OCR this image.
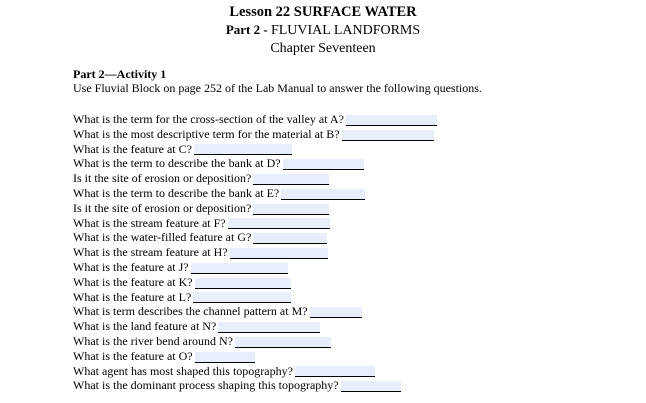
Lesson 22 SURFACE WATER
Part 2 - FLUVIAL LANDFORMS
Chapter Seventeen
Part 2—Activity 1
Use Fluvial Block on page 252 of the Lab Manual to answer the following questions.
What is the term for the cross-section of the valley at A?
What is the most descriptive term for the material at B?
What is the feature at C?
What is the term to describe the bank at D?
Is it the site of erosion or deposition?
What is the term to describe the bank at E?
Is it the site of erosion or deposition?
What is the stream feature at F?
What is the water-filled feature at G?
What is the stream feature at H?
What is the feature at J?
What is the feature at K?
What is the feature at L?
What is term describes the channel pattern at M?
What is the land feature at N?
What is the river bend around N?
What is the feature at O?
What agent has most shaped this topography?
What is the dominant process shaping this topography?
